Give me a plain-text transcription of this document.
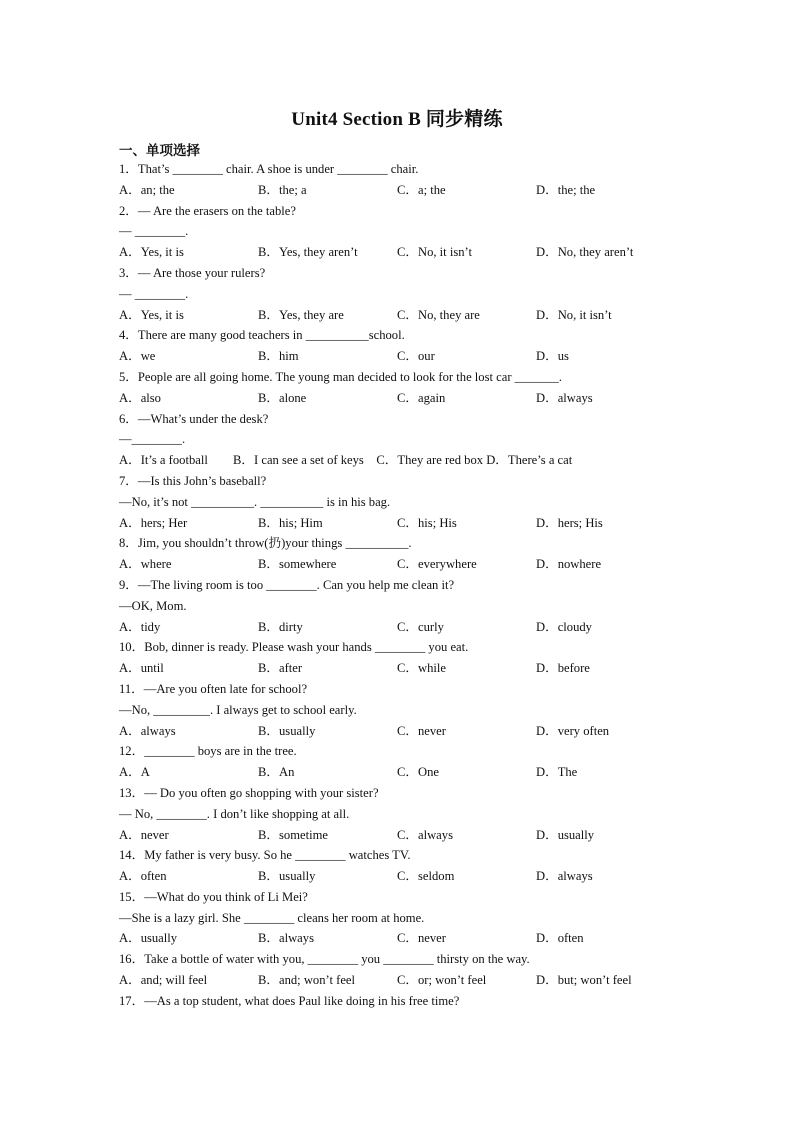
Unit4 Section B 同步精练
一、单项选择
1．That’s ________ chair. A shoe is under ________ chair.
A．an; the	B．the; a	C．a; the	D．the; the
2．— Are the erasers on the table?
— ________.
A．Yes, it is	B．Yes, they aren’t	C．No, it isn’t	D．No, they aren’t
3．— Are those your rulers?
— ________.
A．Yes, it is	B．Yes, they are	C．No, they are	D．No, it isn’t
4．There are many good teachers in __________school.
A．we	B．him	C．our	D．us
5．People are all going home. The young man decided to look for the lost car _______.
A．also	B．alone	C．again	D．always
6．—What’s under the desk?
—________.
A．It’s a football　　B．I can see a set of keys　C．They are red box D．There’s a cat
7．—Is this John’s baseball?
—No, it’s not __________. __________ is in his bag.
A．hers; Her	B．his; Him	C．his; His	D．hers; His
8．Jim, you shouldn’t throw(扔)your things __________.
A．where	B．somewhere	C．everywhere	D．nowhere
9．—The living room is too ________. Can you help me clean it?
—OK, Mom.
A．tidy	B．dirty	C．curly	D．cloudy
10．Bob, dinner is ready. Please wash your hands ________ you eat.
A．until	B．after	C．while	D．before
11．—Are you often late for school?
—No, _________. I always get to school early.
A．always	B．usually	C．never	D．very often
12．________ boys are in the tree.
A．A	B．An	C．One	D．The
13．— Do you often go shopping with your sister?
— No, ________. I don’t like shopping at all.
A．never	B．sometime	C．always	D．usually
14．My father is very busy. So he ________ watches TV.
A．often	B．usually	C．seldom	D．always
15．—What do you think of Li Mei?
—She is a lazy girl. She ________ cleans her room at home.
A．usually	B．always	C．never	D．often
16．Take a bottle of water with you, ________ you ________ thirsty on the way.
A．and; will feel	B．and; won’t feel	C．or; won’t feel	D．but; won’t feel
17．—As a top student, what does Paul like doing in his free time?
